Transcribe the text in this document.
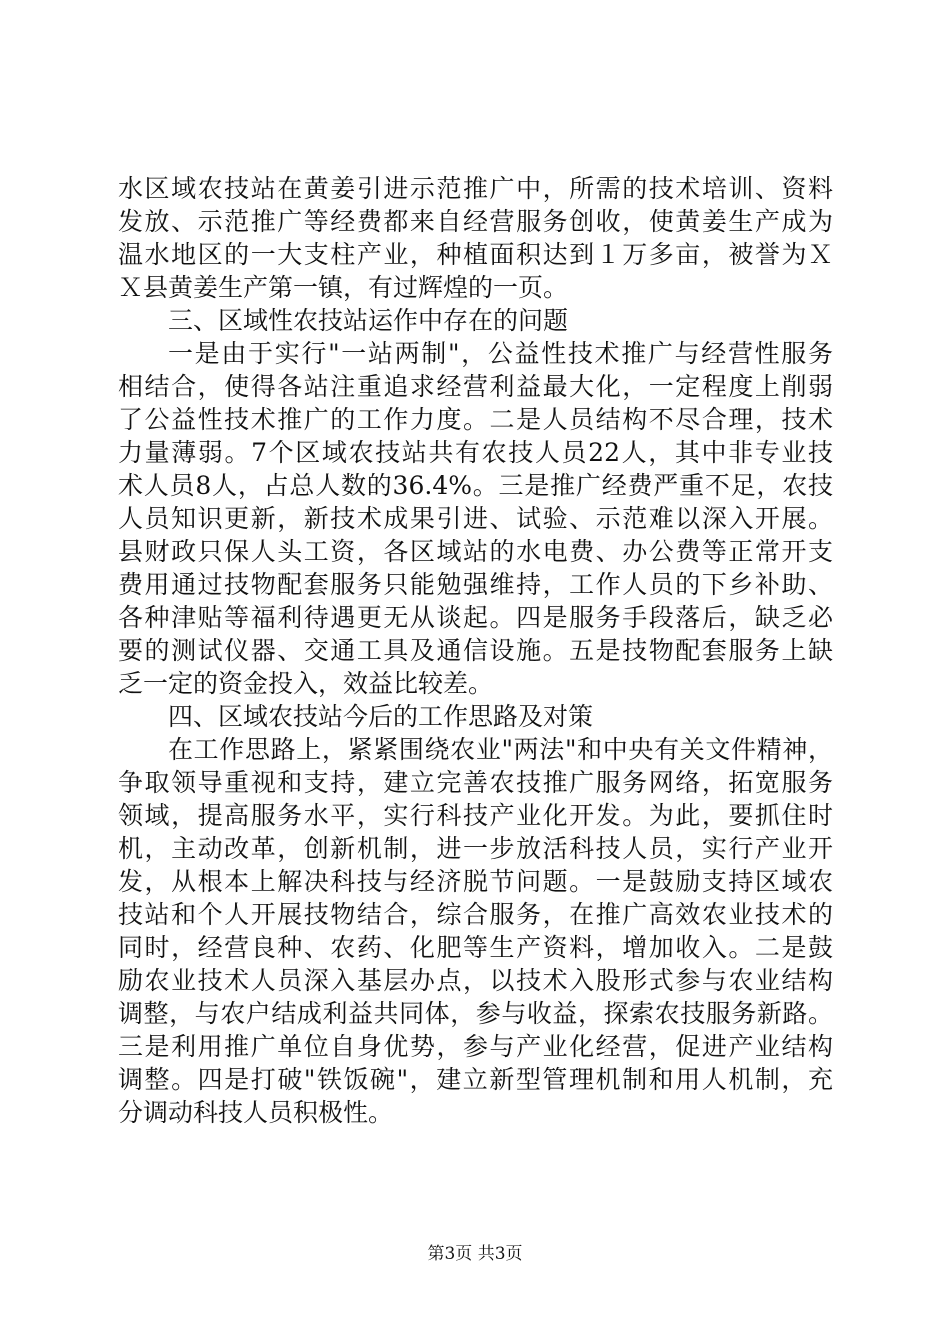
水区域农技站在黄姜引进示范推广中，所需的技术培训、资料
发放、示范推广等经费都来自经营服务创收，使黄姜生产成为
温水地区的一大支柱产业，种植面积达到１万多亩，被誉为Ｘ
Ｘ县黄姜生产第一镇，有过辉煌的一页。
三、区域性农技站运作中存在的问题
一是由于实行"一站两制"，公益性技术推广与经营性服务
相结合，使得各站注重追求经营利益最大化，一定程度上削弱
了公益性技术推广的工作力度。二是人员结构不尽合理，技术
力量薄弱。7个区域农技站共有农技人员22人，其中非专业技
术人员8人，占总人数的36.4%。三是推广经费严重不足，农技
人员知识更新，新技术成果引进、试验、示范难以深入开展。
县财政只保人头工资，各区域站的水电费、办公费等正常开支
费用通过技物配套服务只能勉强维持，工作人员的下乡补助、
各种津贴等福利待遇更无从谈起。四是服务手段落后，缺乏必
要的测试仪器、交通工具及通信设施。五是技物配套服务上缺
乏一定的资金投入，效益比较差。
四、区域农技站今后的工作思路及对策
在工作思路上，紧紧围绕农业"两法"和中央有关文件精神，
争取领导重视和支持，建立完善农技推广服务网络，拓宽服务
领域，提高服务水平，实行科技产业化开发。为此，要抓住时
机，主动改革，创新机制，进一步放活科技人员，实行产业开
发，从根本上解决科技与经济脱节问题。一是鼓励支持区域农
技站和个人开展技物结合，综合服务，在推广高效农业技术的
同时，经营良种、农药、化肥等生产资料，增加收入。二是鼓
励农业技术人员深入基层办点，以技术入股形式参与农业结构
调整，与农户结成利益共同体，参与收益，探索农技服务新路。
三是利用推广单位自身优势，参与产业化经营，促进产业结构
调整。四是打破"铁饭碗"，建立新型管理机制和用人机制，充
分调动科技人员积极性。
第3页 共3页
